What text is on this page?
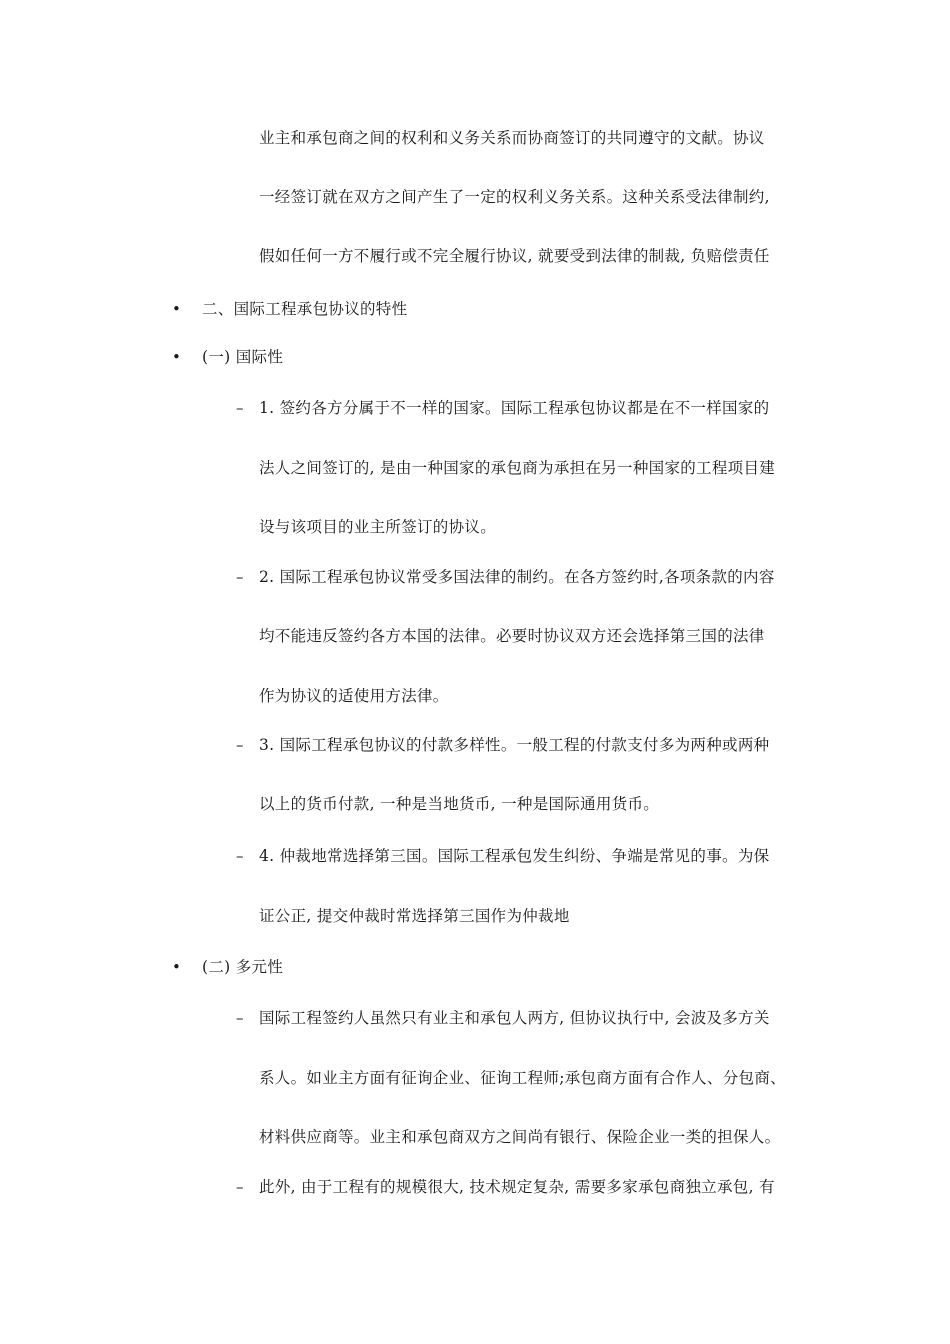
业主和承包商之间的权利和义务关系而协商签订的共同遵守的文献。协议
一经签订就在双方之间产生了一定的权利义务关系。这种关系受法律制约,
假如任何一方不履行或不完全履行协议, 就要受到法律的制裁, 负赔偿责任
• 二、国际工程承包协议的特性
• (一) 国际性
– 1. 签约各方分属于不一样的国家。国际工程承包协议都是在不一样国家的
法人之间签订的, 是由一种国家的承包商为承担在另一种国家的工程项目建
设与该项目的业主所签订的协议。
– 2. 国际工程承包协议常受多国法律的制约。在各方签约时,各项条款的内容
均不能违反签约各方本国的法律。必要时协议双方还会选择第三国的法律
作为协议的适使用方法律。
– 3. 国际工程承包协议的付款多样性。一般工程的付款支付多为两种或两种
以上的货币付款, 一种是当地货币, 一种是国际通用货币。
– 4. 仲裁地常选择第三国。国际工程承包发生纠纷、争端是常见的事。为保
证公正, 提交仲裁时常选择第三国作为仲裁地
• (二) 多元性
– 国际工程签约人虽然只有业主和承包人两方, 但协议执行中, 会波及多方关
系人。如业主方面有征询企业、征询工程师;承包商方面有合作人、分包商、
材料供应商等。业主和承包商双方之间尚有银行、保险企业一类的担保人。
– 此外, 由于工程有的规模很大, 技术规定复杂, 需要多家承包商独立承包, 有
